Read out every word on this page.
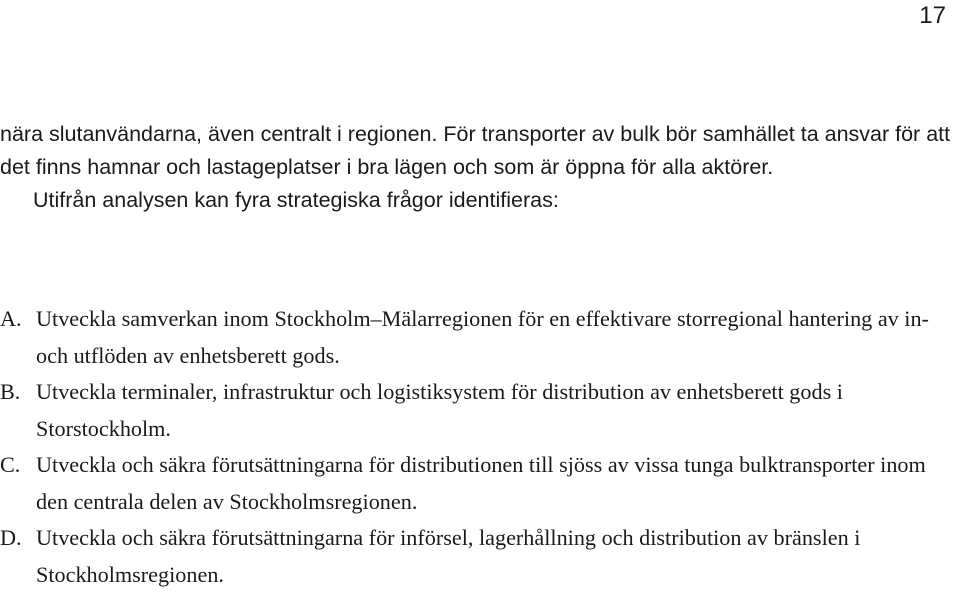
17

nära slutanvändarna, även centralt i regionen. För transporter av bulk bör samhället ta ansvar för att det finns hamnar och lastageplatser i bra lägen och som är öppna för alla aktörer.

Utifrån analysen kan fyra strategiska frågor identifieras:

A. Utveckla samverkan inom Stockholm–Mälarregionen för en effektivare storregional hantering av in- och utflöden av enhetsberett gods.
B. Utveckla terminaler, infrastruktur och logistiksystem för distribution av enhetsberett gods i Storstockholm.
C. Utveckla och säkra förutsättningarna för distributionen till sjöss av vissa tunga bulktransporter inom den centrala delen av Stockholmsregionen.
D. Utveckla och säkra förutsättningarna för införsel, lagerhållning och distribution av bränslen i Stockholmsregionen.
